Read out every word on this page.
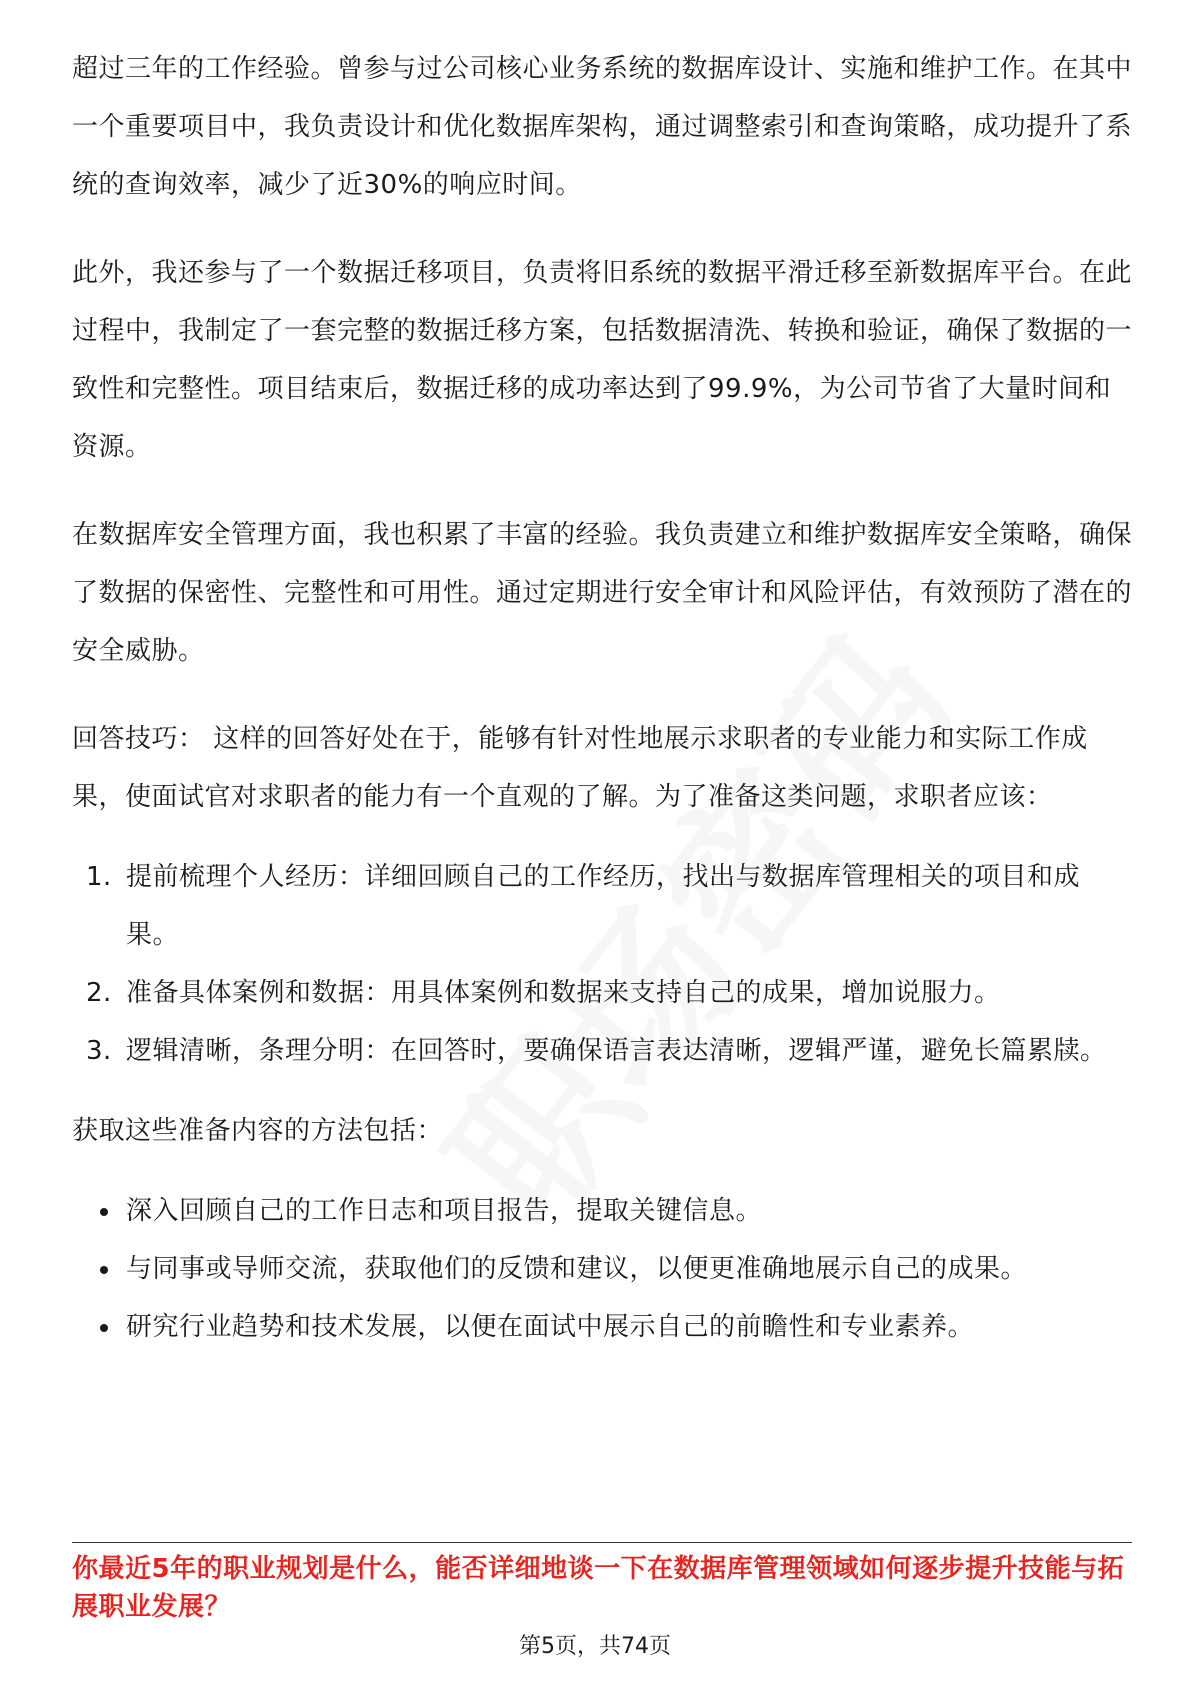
超过三年的工作经验。曾参与过公司核心业务系统的数据库设计、实施和维护工作。在其中一个重要项目中，我负责设计和优化数据库架构，通过调整索引和查询策略，成功提升了系统的查询效率，减少了近30%的响应时间。

此外，我还参与了一个数据迁移项目，负责将旧系统的数据平滑迁移至新数据库平台。在此过程中，我制定了一套完整的数据迁移方案，包括数据清洗、转换和验证，确保了数据的一致性和完整性。项目结束后，数据迁移的成功率达到了99.9%，为公司节省了大量时间和资源。

在数据库安全管理方面，我也积累了丰富的经验。我负责建立和维护数据库安全策略，确保了数据的保密性、完整性和可用性。通过定期进行安全审计和风险评估，有效预防了潜在的安全威胁。

回答技巧： 这样的回答好处在于，能够有针对性地展示求职者的专业能力和实际工作成果，使面试官对求职者的能力有一个直观的了解。为了准备这类问题，求职者应该：

1. 提前梳理个人经历：详细回顾自己的工作经历，找出与数据库管理相关的项目和成果。
2. 准备具体案例和数据：用具体案例和数据来支持自己的成果，增加说服力。
3. 逻辑清晰，条理分明：在回答时，要确保语言表达清晰，逻辑严谨，避免长篇累牍。

获取这些准备内容的方法包括：

深入回顾自己的工作日志和项目报告，提取关键信息。
与同事或导师交流，获取他们的反馈和建议，以便更准确地展示自己的成果。
研究行业趋势和技术发展，以便在面试中展示自己的前瞻性和专业素养。
你最近5年的职业规划是什么，能否详细地谈一下在数据库管理领域如何逐步提升技能与拓展职业发展？
第5页，共74页
